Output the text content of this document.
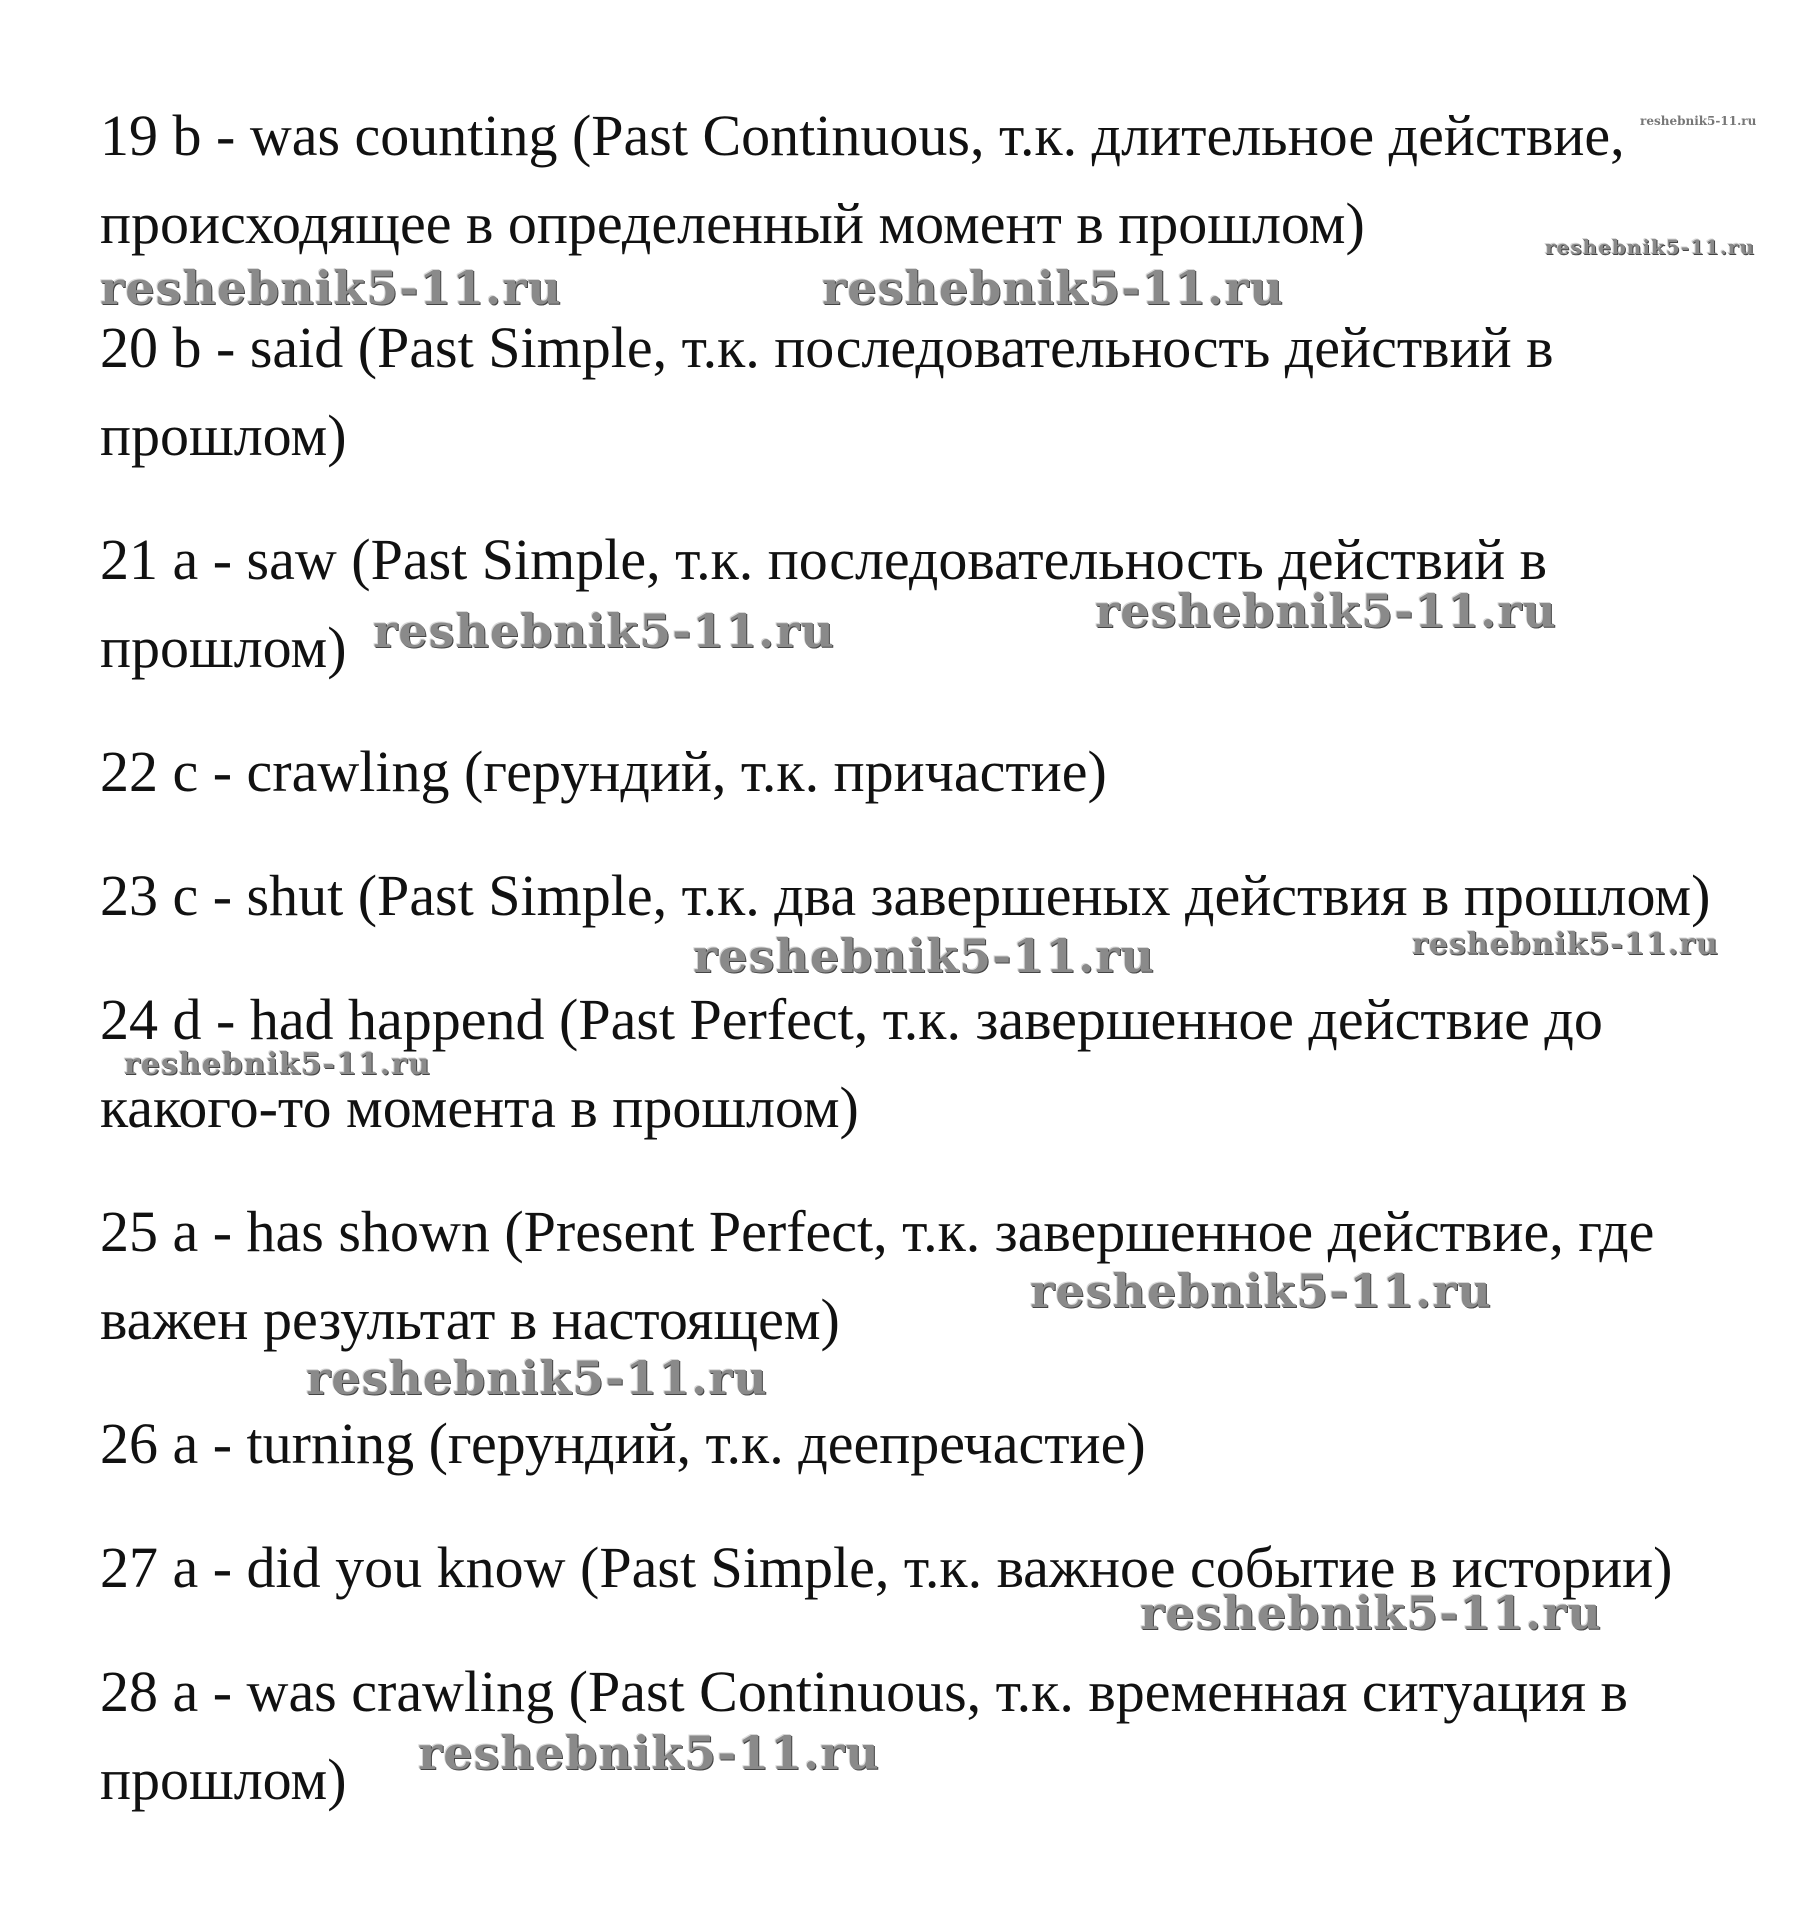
19 b - was counting (Past Continuous, т.к. длительное действие, происходящее в определенный момент в прошлом)

20 b - said (Past Simple, т.к. последовательность действий в прошлом)

21 a - saw (Past Simple, т.к. последовательность действий в прошлом)

22 c - crawling (герундий, т.к. причастие)

23 c - shut (Past Simple, т.к. два завершеных действия в прошлом)

24 d - had happend (Past Perfect, т.к. завершенное действие до какого-то момента в прошлом)

25 a - has shown (Present Perfect, т.к. завершенное действие, где важен результат в настоящем)

26 a - turning (герундий, т.к. деепречастие)

27 a - did you know (Past Simple, т.к. важное событие в истории)

28 a - was crawling (Past Continuous, т.к. временная ситуация в прошлом)

reshebnik5-11.ru
reshebnik5-11.ru
reshebnik5-11.ru	reshebnik5-11.ru
reshebnik5-11.ru
reshebnik5-11.ru
reshebnik5-11.ru	reshebnik5-11.ru
reshebnik5-11.ru
reshebnik5-11.ru
reshebnik5-11.ru
reshebnik5-11.ru
reshebnik5-11.ru
